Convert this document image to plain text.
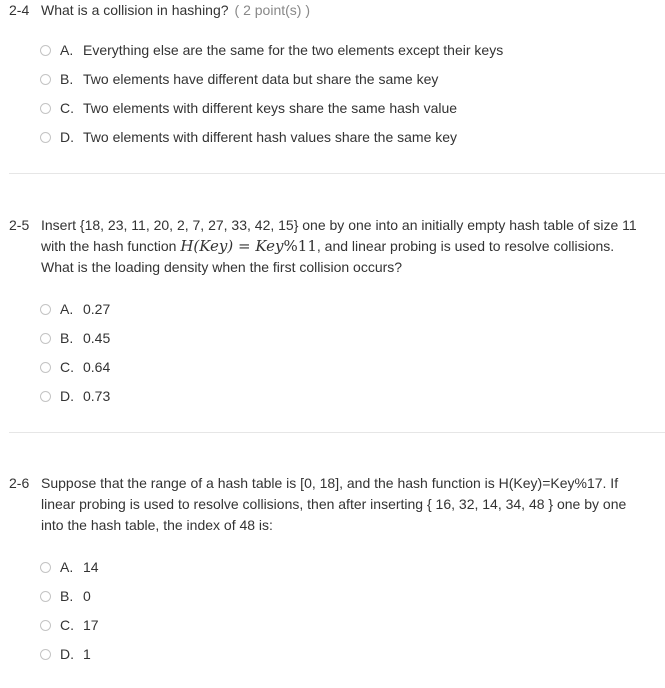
2-4 What is a collision in hashing? ( 2 point(s) )
A. Everything else are the same for the two elements except their keys
B. Two elements have different data but share the same key
C. Two elements with different keys share the same hash value
D. Two elements with different hash values share the same key
2-5 Insert {18, 23, 11, 20, 2, 7, 27, 33, 42, 15} one by one into an initially empty hash table of size 11
with the hash function H(Key) = Key%11, and linear probing is used to resolve collisions.
What is the loading density when the first collision occurs?
A. 0.27
B. 0.45
C. 0.64
D. 0.73
2-6 Suppose that the range of a hash table is [0, 18], and the hash function is H(Key)=Key%17. If
linear probing is used to resolve collisions, then after inserting { 16, 32, 14, 34, 48 } one by one
into the hash table, the index of 48 is:
A. 14
B. 0
C. 17
D. 1
